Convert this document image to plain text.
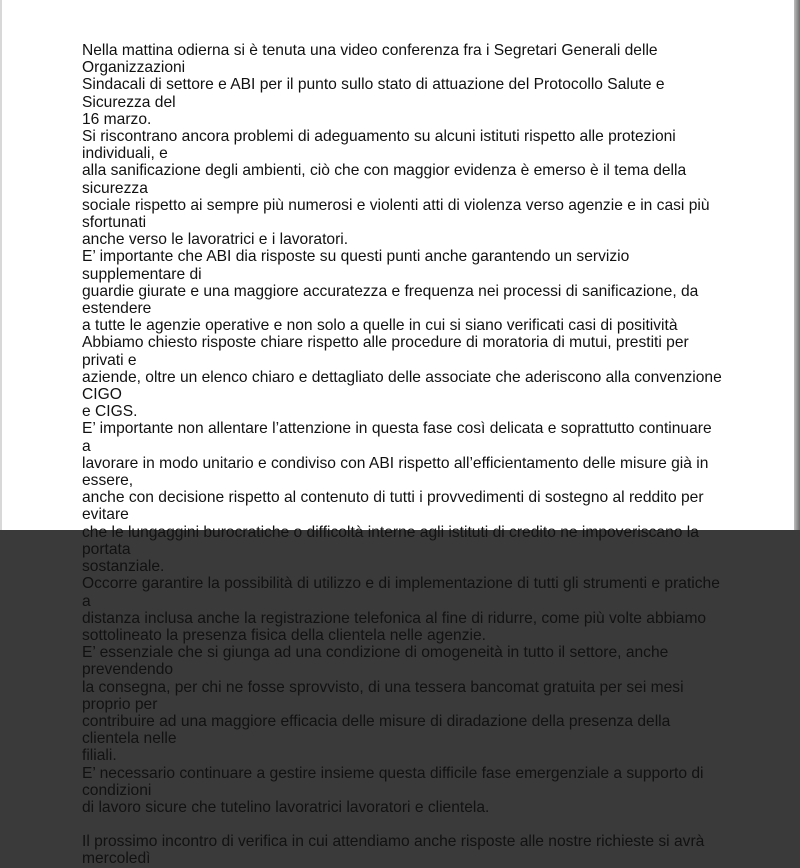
Nella mattina odierna si è tenuta una video conferenza fra i Segretari Generali delle Organizzazioni
Sindacali di settore e ABI per il punto sullo stato di attuazione del Protocollo Salute e Sicurezza del
16 marzo.

Si riscontrano ancora problemi di adeguamento su alcuni istituti rispetto alle protezioni individuali, e
alla sanificazione degli ambienti, ciò che con maggior evidenza è emerso è il tema della sicurezza
sociale rispetto ai sempre più numerosi e violenti atti di violenza verso agenzie e in casi più sfortunati
anche verso le lavoratrici e i lavoratori.

E’ importante che ABI dia risposte su questi punti anche garantendo un servizio supplementare di
guardie giurate e una maggiore accuratezza e frequenza nei processi di sanificazione, da estendere
a tutte le agenzie operative e non solo a quelle in cui si siano verificati casi di positività

Abbiamo chiesto risposte chiare rispetto alle procedure di moratoria di mutui, prestiti per privati e
aziende, oltre un elenco chiaro e dettagliato delle associate che aderiscono alla convenzione CIGO
e CIGS.

E’ importante non allentare l’attenzione in questa fase così delicata e soprattutto continuare a
lavorare in modo unitario e condiviso con ABI rispetto all’efficientamento delle misure già in essere,
anche con decisione rispetto al contenuto di tutti i provvedimenti di sostegno al reddito per evitare
che le lungaggini burocratiche o difficoltà interne agli istituti di credito ne impoveriscano la portata
sostanziale.

Occorre garantire la possibilità di utilizzo e di implementazione di tutti gli strumenti e pratiche a
distanza inclusa anche la registrazione telefonica al fine di ridurre, come più volte abbiamo
sottolineato la presenza fisica della clientela nelle agenzie.

E’ essenziale che si giunga ad una condizione di omogeneità in tutto il settore, anche prevendendo
la consegna, per chi ne fosse sprovvisto, di una tessera bancomat gratuita per sei mesi proprio per
contribuire ad una maggiore efficacia delle misure di diradazione della presenza della clientela nelle
filiali.

E’ necessario continuare a gestire insieme questa difficile fase emergenziale a supporto di condizioni
di lavoro sicure che tutelino lavoratrici lavoratori e clientela.

Il prossimo incontro di verifica in cui attendiamo anche risposte alle nostre richieste si avrà mercoledì
